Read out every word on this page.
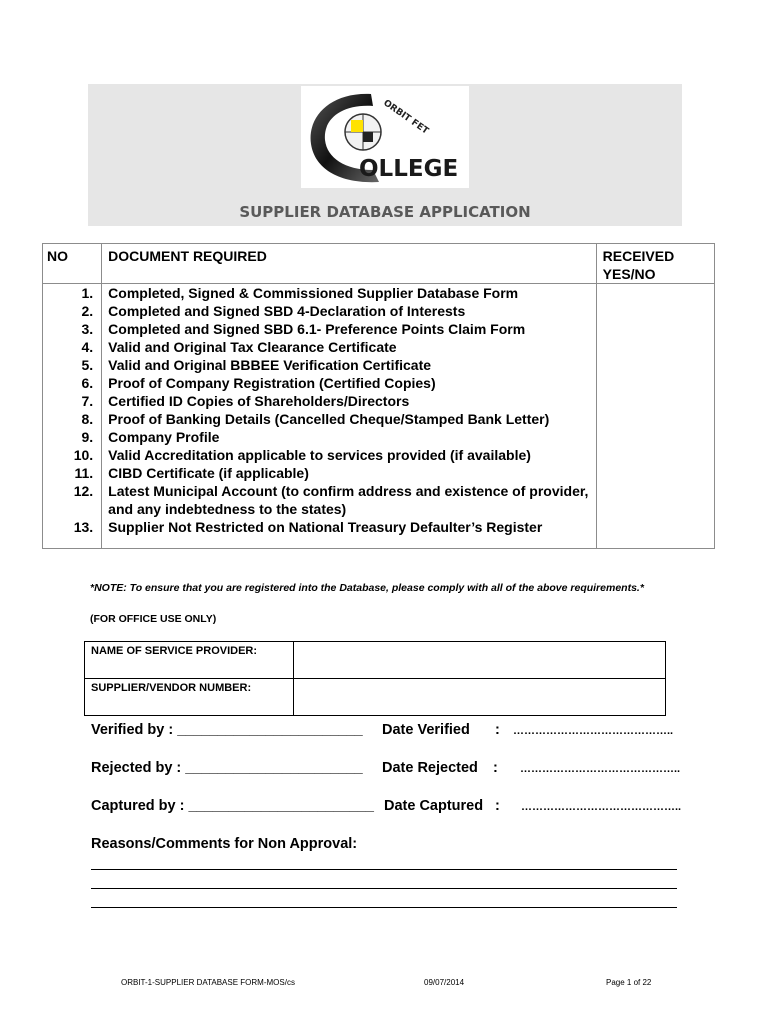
ORBIT FET
OLLEGE
SUPPLIER DATABASE APPLICATION
NO	DOCUMENT REQUIRED	RECEIVED YES/NO
1.	Completed, Signed & Commissioned Supplier Database Form	
2.	Completed and Signed SBD 4-Declaration of Interests	
3.	Completed and Signed SBD 6.1- Preference Points Claim Form	
4.	Valid and Original Tax Clearance Certificate	
5.	Valid and Original BBBEE Verification Certificate	
6.	Proof of Company Registration (Certified Copies)	
7.	Certified ID Copies of Shareholders/Directors	
8.	Proof of Banking Details (Cancelled Cheque/Stamped Bank Letter)	
9.	Company Profile	
10.	Valid Accreditation applicable to services provided (if available)	
11.	CIBD Certificate (if applicable)	
12.	Latest Municipal Account (to confirm address and existence of provider, and any indebtedness to the states)	
13.	Supplier Not Restricted on National Treasury Defaulter’s Register	
*NOTE: To ensure that you are registered into the Database, please comply with all of the above requirements.*
(FOR OFFICE USE ONLY)
NAME OF SERVICE PROVIDER:	
SUPPLIER/VENDOR NUMBER:	
Verified by : _______________________ Date Verified : ……………………………………..
Rejected by : ______________________ Date Rejected : ……………………………………..
Captured by : _______________________ Date Captured : ……………………………………..
Reasons/Comments for Non Approval:
ORBIT-1-SUPPLIER DATABASE FORM-MOS/cs	09/07/2014	Page 1 of 22
